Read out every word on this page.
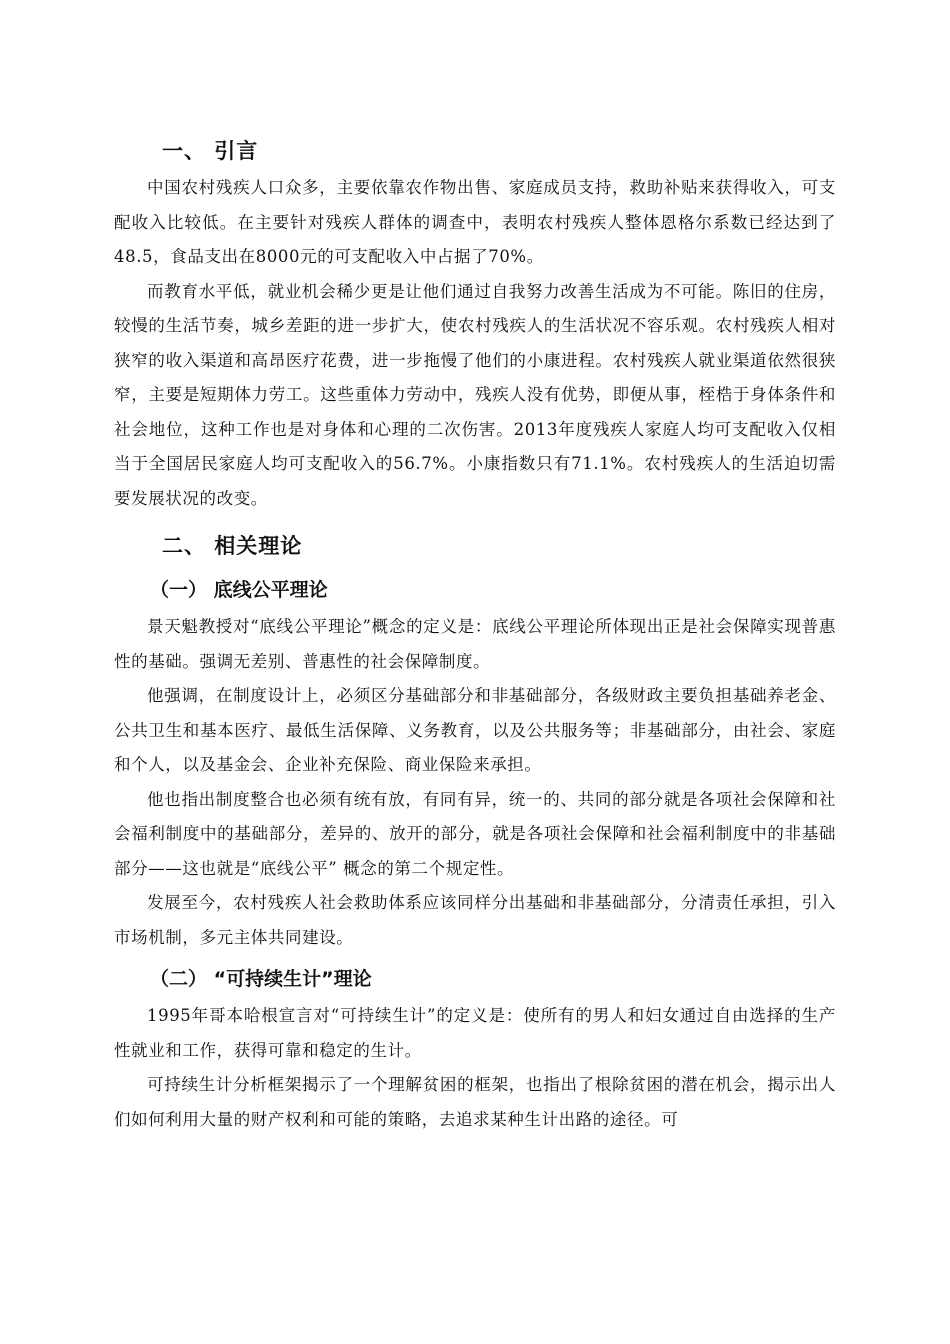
一、 引言

中国农村残疾人口众多，主要依靠农作物出售、家庭成员支持，救助补贴来获得收入，可支配收入比较低。在主要针对残疾人群体的调查中，表明农村残疾人整体恩格尔系数已经达到了48.5，食品支出在8000元的可支配收入中占据了70%。

而教育水平低，就业机会稀少更是让他们通过自我努力改善生活成为不可能。陈旧的住房，较慢的生活节奏，城乡差距的进一步扩大，使农村残疾人的生活状况不容乐观。农村残疾人相对狭窄的收入渠道和高昂医疗花费，进一步拖慢了他们的小康进程。农村残疾人就业渠道依然很狭窄，主要是短期体力劳工。这些重体力劳动中，残疾人没有优势，即便从事，桎梏于身体条件和社会地位，这种工作也是对身体和心理的二次伤害。2013年度残疾人家庭人均可支配收入仅相当于全国居民家庭人均可支配收入的56.7%。小康指数只有71.1%。农村残疾人的生活迫切需要发展状况的改变。

二、 相关理论
（一） 底线公平理论

景天魁教授对“底线公平理论”概念的定义是：底线公平理论所体现出正是社会保障实现普惠性的基础。强调无差别、普惠性的社会保障制度。

他强调，在制度设计上，必须区分基础部分和非基础部分，各级财政主要负担基础养老金、公共卫生和基本医疗、最低生活保障、义务教育，以及公共服务等；非基础部分，由社会、家庭和个人，以及基金会、企业补充保险、商业保险来承担。

他也指出制度整合也必须有统有放，有同有异，统一的、共同的部分就是各项社会保障和社会福利制度中的基础部分，差异的、放开的部分，就是各项社会保障和社会福利制度中的非基础部分——这也就是“底线公平” 概念的第二个规定性。

发展至今，农村残疾人社会救助体系应该同样分出基础和非基础部分，分清责任承担，引入市场机制，多元主体共同建设。

（二） “可持续生计”理论

1995年哥本哈根宣言对“可持续生计”的定义是：使所有的男人和妇女通过自由选择的生产性就业和工作，获得可靠和稳定的生计。

可持续生计分析框架揭示了一个理解贫困的框架，也指出了根除贫困的潜在机会，揭示出人们如何利用大量的财产权利和可能的策略，去追求某种生计出路的途径。可
